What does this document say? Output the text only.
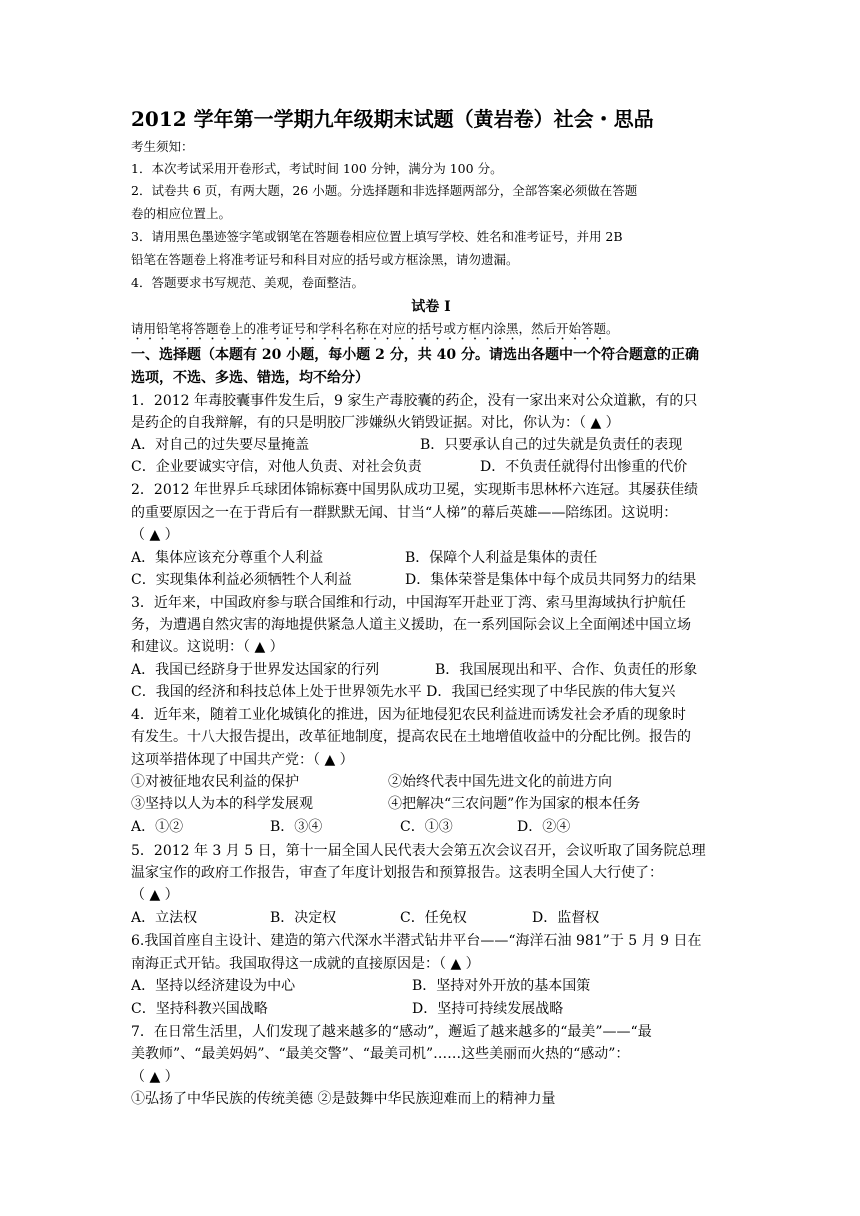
2012 学年第一学期九年级期末试题（黄岩卷）社会・思品
考生须知：
1．本次考试采用开卷形式，考试时间 100 分钟，满分为 100 分。
2．试卷共 6 页，有两大题，26 小题。分选择题和非选择题两部分，全部答案必须做在答题
卷的相应位置上。
3．请用黑色墨迹签字笔或钢笔在答题卷相应位置上填写学校、姓名和准考证号，并用 2B
铅笔在答题卷上将准考证号和科目对应的括号或方框涂黑，请勿遗漏。
4．答题要求书写规范、美观，卷面整洁。
试卷 I
请用铅笔将答题卷上的准考证号和学科名称在对应的括号或方框内涂黑，然后开始答题。
一、选择题（本题有 20 小题，每小题 2 分，共 40 分。请选出各题中一个符合题意的正确
选项，不选、多选、错选，均不给分）
1．2012 年毒胶囊事件发生后，9 家生产毒胶囊的药企，没有一家出来对公众道歉，有的只
是药企的自我辩解，有的只是明胶厂涉嫌纵火销毁证据。对比，你认为：（ ▲ ）
A．对自己的过失要尽量掩盖	B．只要承认自己的过失就是负责任的表现
C．企业要诚实守信，对他人负责、对社会负责	D．不负责任就得付出惨重的代价
2．2012 年世界乒乓球团体锦标赛中国男队成功卫冕，实现斯韦思林杯六连冠。其屡获佳绩
的重要原因之一在于背后有一群默默无闻、甘当“人梯”的幕后英雄——陪练团。这说明：
（ ▲ ）
A．集体应该充分尊重个人利益	B．保障个人利益是集体的责任
C．实现集体利益必须牺牲个人利益	D．集体荣誉是集体中每个成员共同努力的结果
3．近年来，中国政府参与联合国维和行动，中国海军开赴亚丁湾、索马里海域执行护航任
务，为遭遇自然灾害的海地提供紧急人道主义援助，在一系列国际会议上全面阐述中国立场
和建议。这说明：（ ▲ ）
A．我国已经跻身于世界发达国家的行列	B．我国展现出和平、合作、负责任的形象
C．我国的经济和科技总体上处于世界领先水平 D．我国已经实现了中华民族的伟大复兴
4．近年来，随着工业化城镇化的推进，因为征地侵犯农民利益进而诱发社会矛盾的现象时
有发生。十八大报告提出，改革征地制度，提高农民在土地增值收益中的分配比例。报告的
这项举措体现了中国共产党：（ ▲ ）
①对被征地农民利益的保护	②始终代表中国先进文化的前进方向
③坚持以人为本的科学发展观	④把解决“三农问题”作为国家的根本任务
A．①②	B．③④	C．①③	D．②④
5．2012 年 3 月 5 日，第十一届全国人民代表大会第五次会议召开，会议听取了国务院总理
温家宝作的政府工作报告，审查了年度计划报告和预算报告。这表明全国人大行使了：
（ ▲ ）
A．立法权	B．决定权	C．任免权	D．监督权
6.我国首座自主设计、建造的第六代深水半潜式钻井平台——“海洋石油 981”于 5 月 9 日在
南海正式开钻。我国取得这一成就的直接原因是：（ ▲ ）
A．坚持以经济建设为中心	B．坚持对外开放的基本国策
C．坚持科教兴国战略	D．坚持可持续发展战略
7．在日常生活里，人们发现了越来越多的“感动”，邂逅了越来越多的“最美”——“最
美教师”、“最美妈妈”、“最美交警”、“最美司机”……这些美丽而火热的“感动”：
（ ▲ ）
①弘扬了中华民族的传统美德 ②是鼓舞中华民族迎难而上的精神力量
